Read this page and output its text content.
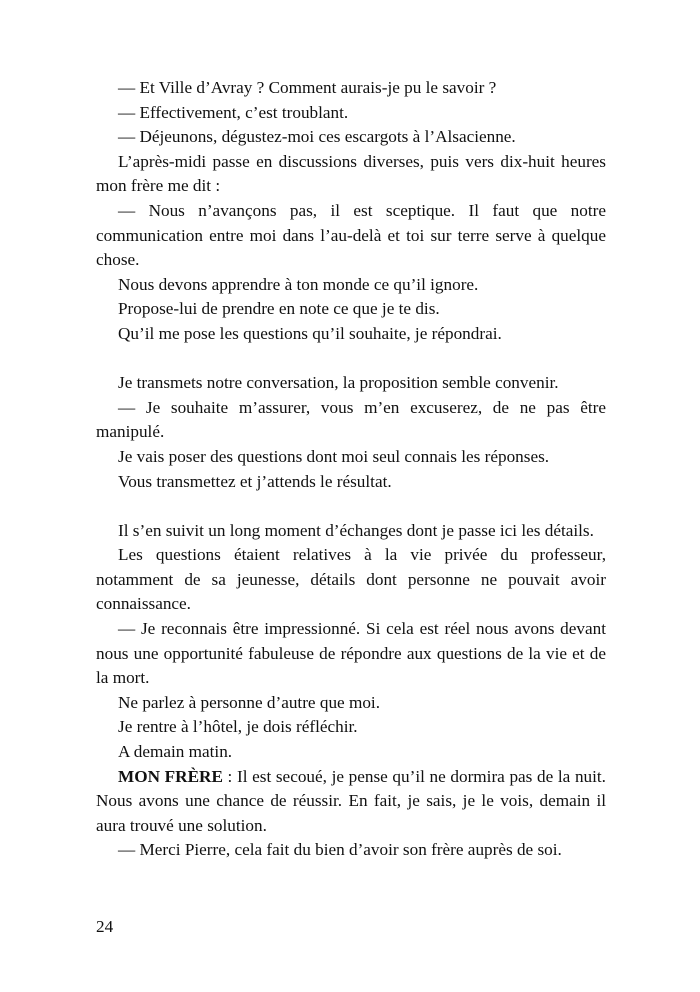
— Et Ville d’Avray ? Comment aurais-je pu le savoir ?

— Effectivement, c’est troublant.

— Déjeunons, dégustez-moi ces escargots à l’Alsacienne.

L’après-midi passe en discussions diverses, puis vers dix-huit heures mon frère me dit :

— Nous n’avançons pas, il est sceptique. Il faut que notre communication entre moi dans l’au-delà et toi sur terre serve à quelque chose.

Nous devons apprendre à ton monde ce qu’il ignore.

Propose-lui de prendre en note ce que je te dis.

Qu’il me pose les questions qu’il souhaite, je répondrai.

Je transmets notre conversation, la proposition semble convenir.

— Je souhaite m’assurer, vous m’en excuserez, de ne pas être manipulé.

Je vais poser des questions dont moi seul connais les réponses.

Vous transmettez et j’attends le résultat.

Il s’en suivit un long moment d’échanges dont je passe ici les détails.

Les questions étaient relatives à la vie privée du professeur, notamment de sa jeunesse, détails dont personne ne pouvait avoir connaissance.

— Je reconnais être impressionné. Si cela est réel nous avons devant nous une opportunité fabuleuse de répondre aux questions de la vie et de la mort.

Ne parlez à personne d’autre que moi.

Je rentre à l’hôtel, je dois réfléchir.

A demain matin.

MON FRÈRE : Il est secoué, je pense qu’il ne dormira pas de la nuit. Nous avons une chance de réussir. En fait, je sais, je le vois, demain il aura trouvé une solution.

— Merci Pierre, cela fait du bien d’avoir son frère auprès de soi.

24
